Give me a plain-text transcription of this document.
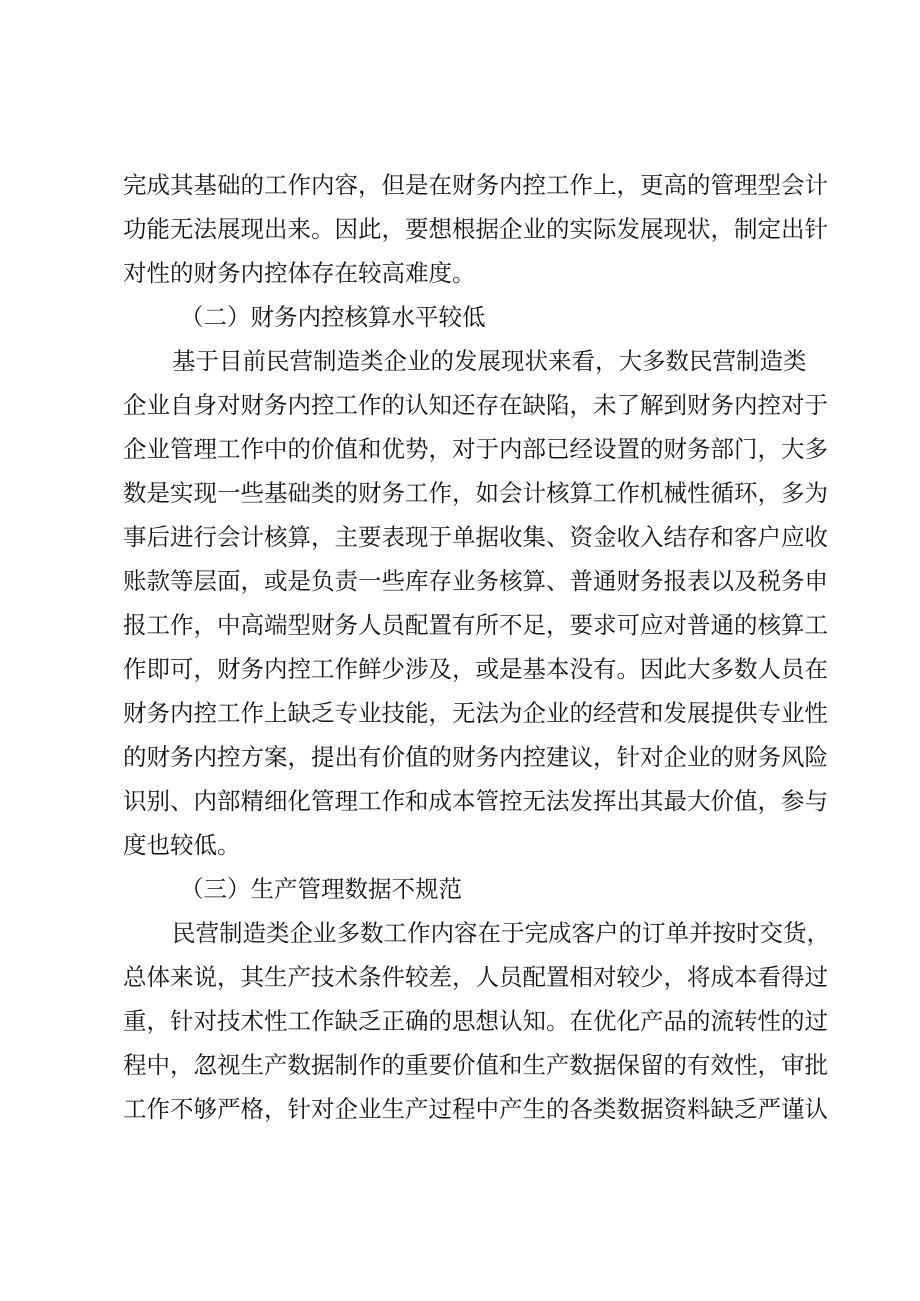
完成其基础的工作内容，但是在财务内控工作上，更高的管理型会计
功能无法展现出来。因此，要想根据企业的实际发展现状，制定出针
对性的财务内控体存在较高难度。
（二）财务内控核算水平较低
基于目前民营制造类企业的发展现状来看，大多数民营制造类
企业自身对财务内控工作的认知还存在缺陷，未了解到财务内控对于
企业管理工作中的价值和优势，对于内部已经设置的财务部门，大多
数是实现一些基础类的财务工作，如会计核算工作机械性循环，多为
事后进行会计核算，主要表现于单据收集、资金收入结存和客户应收
账款等层面，或是负责一些库存业务核算、普通财务报表以及税务申
报工作，中高端型财务人员配置有所不足，要求可应对普通的核算工
作即可，财务内控工作鲜少涉及，或是基本没有。因此大多数人员在
财务内控工作上缺乏专业技能，无法为企业的经营和发展提供专业性
的财务内控方案，提出有价值的财务内控建议，针对企业的财务风险
识别、内部精细化管理工作和成本管控无法发挥出其最大价值，参与
度也较低。
（三）生产管理数据不规范
民营制造类企业多数工作内容在于完成客户的订单并按时交货，
总体来说，其生产技术条件较差，人员配置相对较少，将成本看得过
重，针对技术性工作缺乏正确的思想认知。在优化产品的流转性的过
程中，忽视生产数据制作的重要价值和生产数据保留的有效性，审批
工作不够严格，针对企业生产过程中产生的各类数据资料缺乏严谨认
